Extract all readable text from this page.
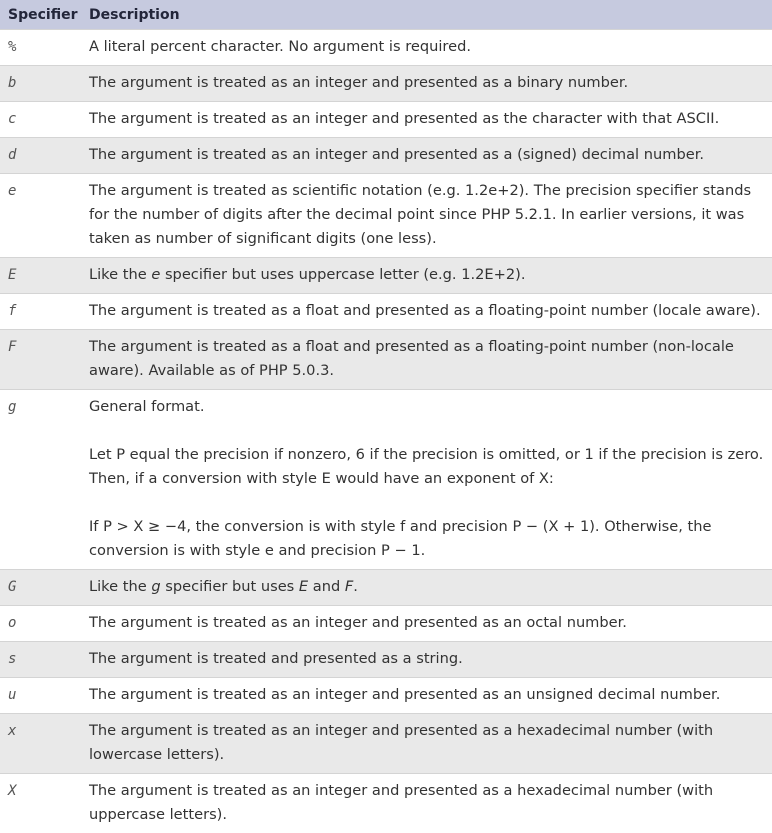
Specifier	Description
%	A literal percent character. No argument is required.
b	The argument is treated as an integer and presented as a binary number.
c	The argument is treated as an integer and presented as the character with that ASCII.
d	The argument is treated as an integer and presented as a (signed) decimal number.
e	The argument is treated as scientific notation (e.g. 1.2e+2). The precision specifier stands for the number of digits after the decimal point since PHP 5.2.1. In earlier versions, it was taken as number of significant digits (one less).
E	Like the e specifier but uses uppercase letter (e.g. 1.2E+2).
f	The argument is treated as a float and presented as a floating-point number (locale aware).
F	The argument is treated as a float and presented as a floating-point number (non-locale aware). Available as of PHP 5.0.3.
g	General format.

Let P equal the precision if nonzero, 6 if the precision is omitted, or 1 if the precision is zero. Then, if a conversion with style E would have an exponent of X:

If P > X ≥ −4, the conversion is with style f and precision P − (X + 1). Otherwise, the conversion is with style e and precision P − 1.

G	Like the g specifier but uses E and F.
o	The argument is treated as an integer and presented as an octal number.
s	The argument is treated and presented as a string.
u	The argument is treated as an integer and presented as an unsigned decimal number.
x	The argument is treated as an integer and presented as a hexadecimal number (with lowercase letters).
X	The argument is treated as an integer and presented as a hexadecimal number (with uppercase letters).
